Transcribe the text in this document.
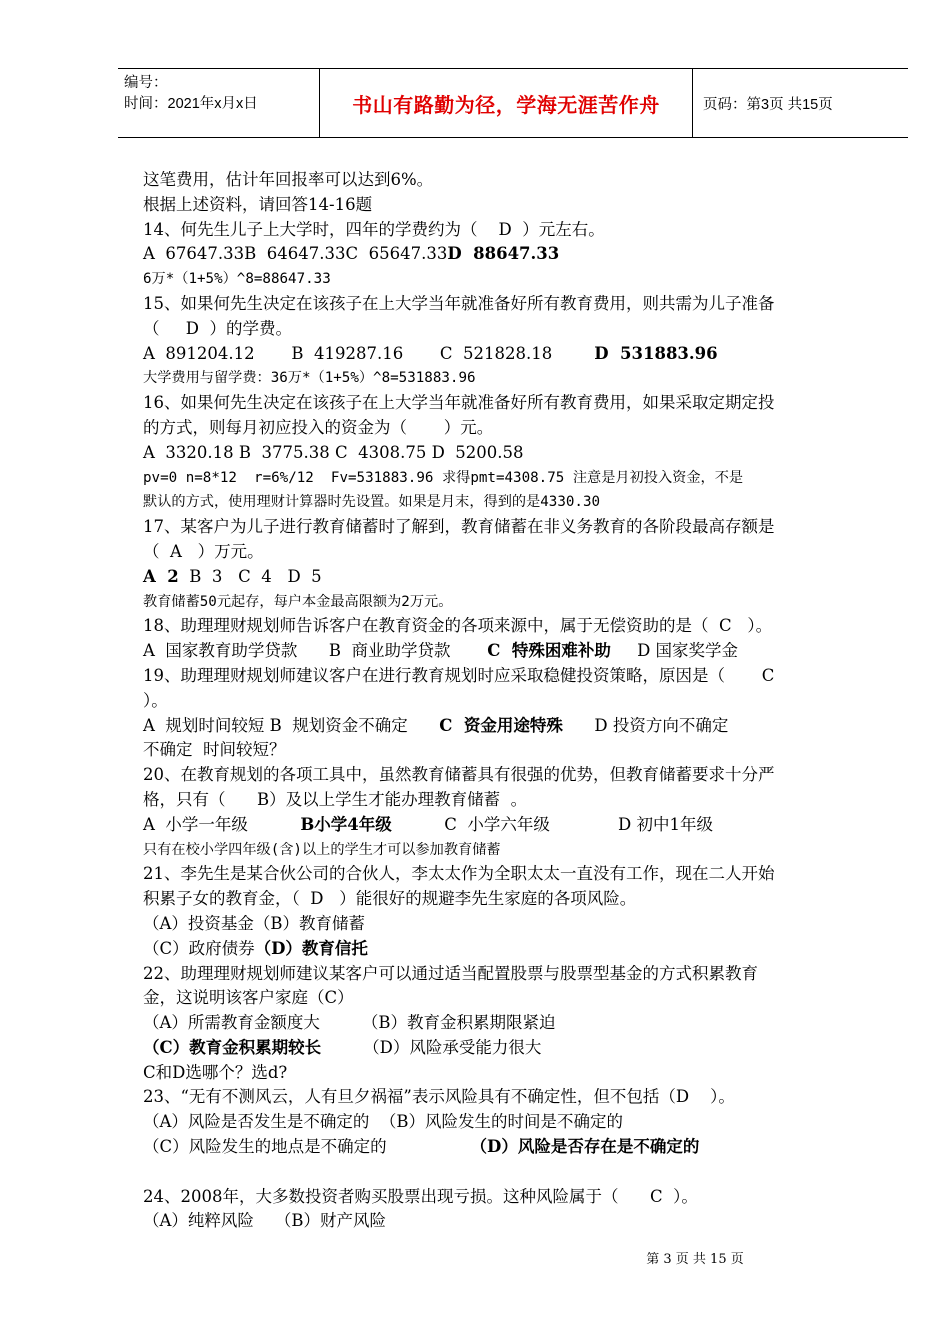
编号：
时间：2021年x月x日	书山有路勤为径，学海无涯苦作舟	页码：第3页 共15页

这笔费用，估计年回报率可以达到6%。

根据上述资料，请回答14-16题

14、何先生儿子上大学时，四年的学费约为（    D  ）元左右。

A  67647.33B  64647.33C  65647.33D  88647.33

6万*（1+5%）^8=88647.33

15、如果何先生决定在该孩子在上大学当年就准备好所有教育费用，则共需为儿子准备

（     D  ）的学费。

A  891204.12       B  419287.16       C  521828.18        D  531883.96

大学费用与留学费：36万*（1+5%）^8=531883.96

16、如果何先生决定在该孩子在上大学当年就准备好所有教育费用，如果采取定期定投

的方式，则每月初应投入的资金为（       ）元。

A  3320.18 B  3775.38 C  4308.75 D  5200.58

pv=0 n=8*12  r=6%/12  Fv=531883.96 求得pmt=4308.75 注意是月初投入资金，不是

默认的方式，使用理财计算器时先设置。如果是月末，得到的是4330.30

17、某客户为儿子进行教育储蓄时了解到，教育储蓄在非义务教育的各阶段最高存额是

（  A   ）万元。

A  2  B  3   C  4   D  5

教育储蓄50元起存，每户本金最高限额为2万元。

18、助理理财规划师告诉客户在教育资金的各项来源中，属于无偿资助的是（  C   ）。

A  国家教育助学贷款      B  商业助学贷款       C  特殊困难补助     D 国家奖学金

19、助理理财规划师建议客户在进行教育规划时应采取稳健投资策略，原因是（       C

）。

A  规划时间较短 B  规划资金不确定      C  资金用途特殊      D 投资方向不确定

不确定  时间较短？

20、在教育规划的各项工具中，虽然教育储蓄具有很强的优势，但教育储蓄要求十分严

格，只有（      B）及以上学生才能办理教育储蓄  。

A  小学一年级          B小学4年级          C  小学六年级             D 初中1年级

只有在校小学四年级(含)以上的学生才可以参加教育储蓄

21、李先生是某合伙公司的合伙人，李太太作为全职太太一直没有工作，现在二人开始

积累子女的教育金，（  D   ）能很好的规避李先生家庭的各项风险。

（A）投资基金（B）教育储蓄

（C）政府债券（D）教育信托

22、助理理财规划师建议某客户可以通过适当配置股票与股票型基金的方式积累教育

金，这说明该客户家庭（C）

（A）所需教育金额度大        （B）教育金积累期限紧迫

（C）教育金积累期较长        （D）风险承受能力很大

C和D选哪个？选d?

23、“无有不测风云，人有旦夕祸福”表示风险具有不确定性，但不包括（D    ）。

（A）风险是否发生是不确定的  （B）风险发生的时间是不确定的

（C）风险发生的地点是不确定的                （D）风险是否存在是不确定的

24、2008年，大多数投资者购买股票出现亏损。这种风险属于（      C  ）。

（A）纯粹风险    （B）财产风险

第 3 页 共 15 页
